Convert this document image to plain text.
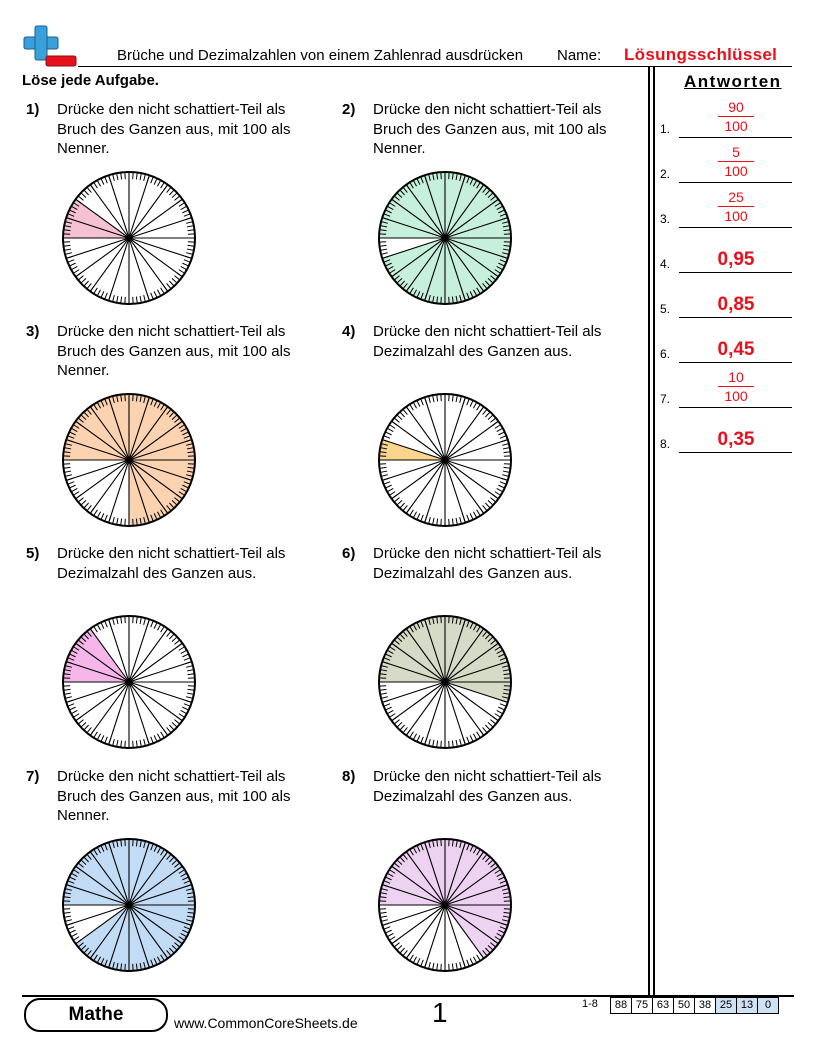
Brüche und Dezimalzahlen von einem Zahlenrad ausdrücken Name: Lösungsschlüssel
Löse jede Aufgabe.	Antworten
1.	$\frac{90}{100}$
2.	$\frac{5}{100}$
3.	$\frac{25}{100}$
4.	0,95
5.	0,85
6.	0,45
7.	$\frac{10}{100}$
8.	0,35
1) Drücke den nicht schattiert-Teil als Bruch des Ganzen aus, mit 100 als Nenner.
2) Drücke den nicht schattiert-Teil als Bruch des Ganzen aus, mit 100 als Nenner.
3) Drücke den nicht schattiert-Teil als Bruch des Ganzen aus, mit 100 als Nenner.
4) Drücke den nicht schattiert-Teil als Dezimalzahl des Ganzen aus.
5) Drücke den nicht schattiert-Teil als Dezimalzahl des Ganzen aus.
6) Drücke den nicht schattiert-Teil als Dezimalzahl des Ganzen aus.
7) Drücke den nicht schattiert-Teil als Bruch des Ganzen aus, mit 100 als Nenner.
8) Drücke den nicht schattiert-Teil als Dezimalzahl des Ganzen aus.
Mathe	www.CommonCoreSheets.de	1	1-8	88 75 63 50 38 25 13	0
